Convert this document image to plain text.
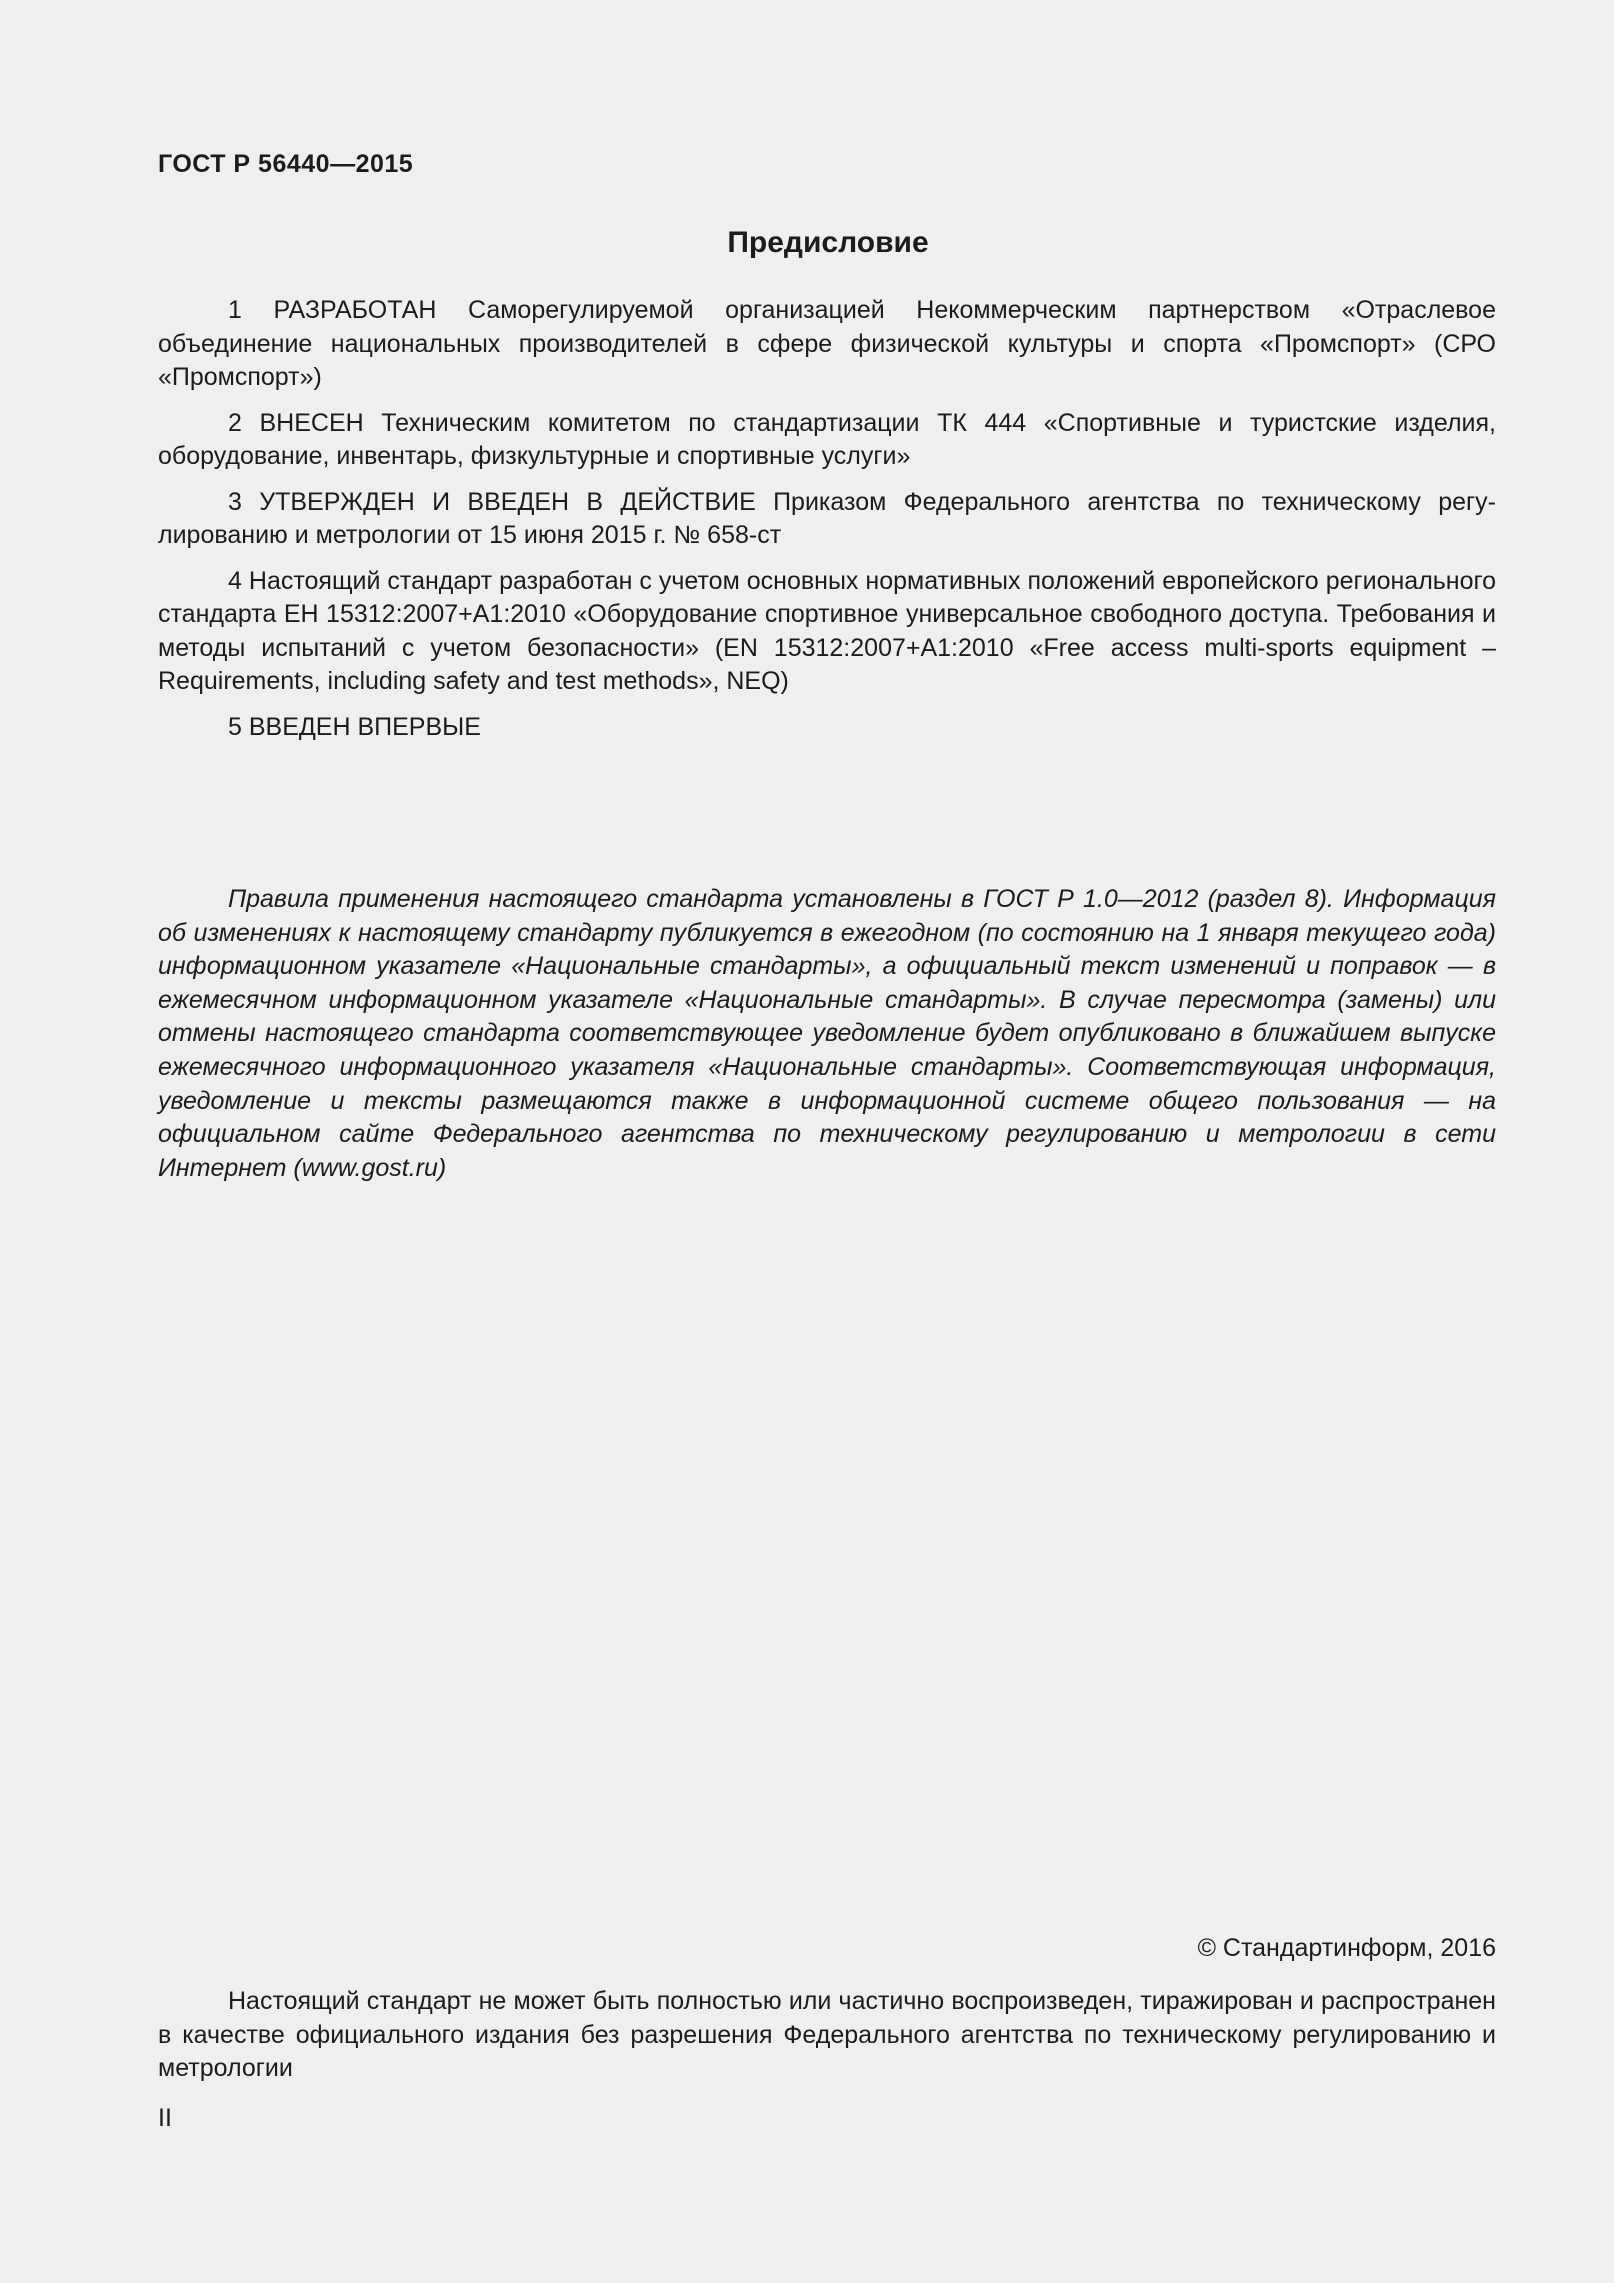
ГОСТ Р 56440—2015
Предисловие

1 РАЗРАБОТАН Саморегулируемой организацией Некоммерческим партнерством «Отраслевое объединение национальных производителей в сфере физической культуры и спорта «Промспорт» (СРО «Промспорт»)

2 ВНЕСЕН Техническим комитетом по стандартизации ТК 444 «Спортивные и туристские изделия, оборудование, инвентарь, физкультурные и спортивные услуги»

3 УТВЕРЖДЕН И ВВЕДЕН В ДЕЙСТВИЕ Приказом Федерального агентства по техническому регулированию и метрологии от 15 июня 2015 г. № 658-ст

4 Настоящий стандарт разработан с учетом основных нормативных положений европейского регионального стандарта ЕН 15312:2007+А1:2010 «Оборудование спортивное универсальное свободного доступа. Требования и методы испытаний с учетом безопасности» (EN 15312:2007+A1:2010 «Free access multi-sports equipment – Requirements, including safety and test methods», NEQ)

5 ВВЕДЕН ВПЕРВЫЕ

Правила применения настоящего стандарта установлены в ГОСТ Р 1.0—2012 (раздел 8). Информация об изменениях к настоящему стандарту публикуется в ежегодном (по состоянию на 1 января текущего года) информационном указателе «Национальные стандарты», а официальный текст изменений и поправок — в ежемесячном информационном указателе «Национальные стандарты». В случае пересмотра (замены) или отмены настоящего стандарта соответствующее уведомление будет опубликовано в ближайшем выпуске ежемесячного информационного указателя «Национальные стандарты». Соответствующая информация, уведомление и тексты размещаются также в информационной системе общего пользования — на официальном сайте Федерального агентства по техническому регулированию и метрологии в сети Интернет (www.gost.ru)

© Стандартинформ, 2016

Настоящий стандарт не может быть полностью или частично воспроизведен, тиражирован и распространен в качестве официального издания без разрешения Федерального агентства по техническому регулированию и метрологии

II
